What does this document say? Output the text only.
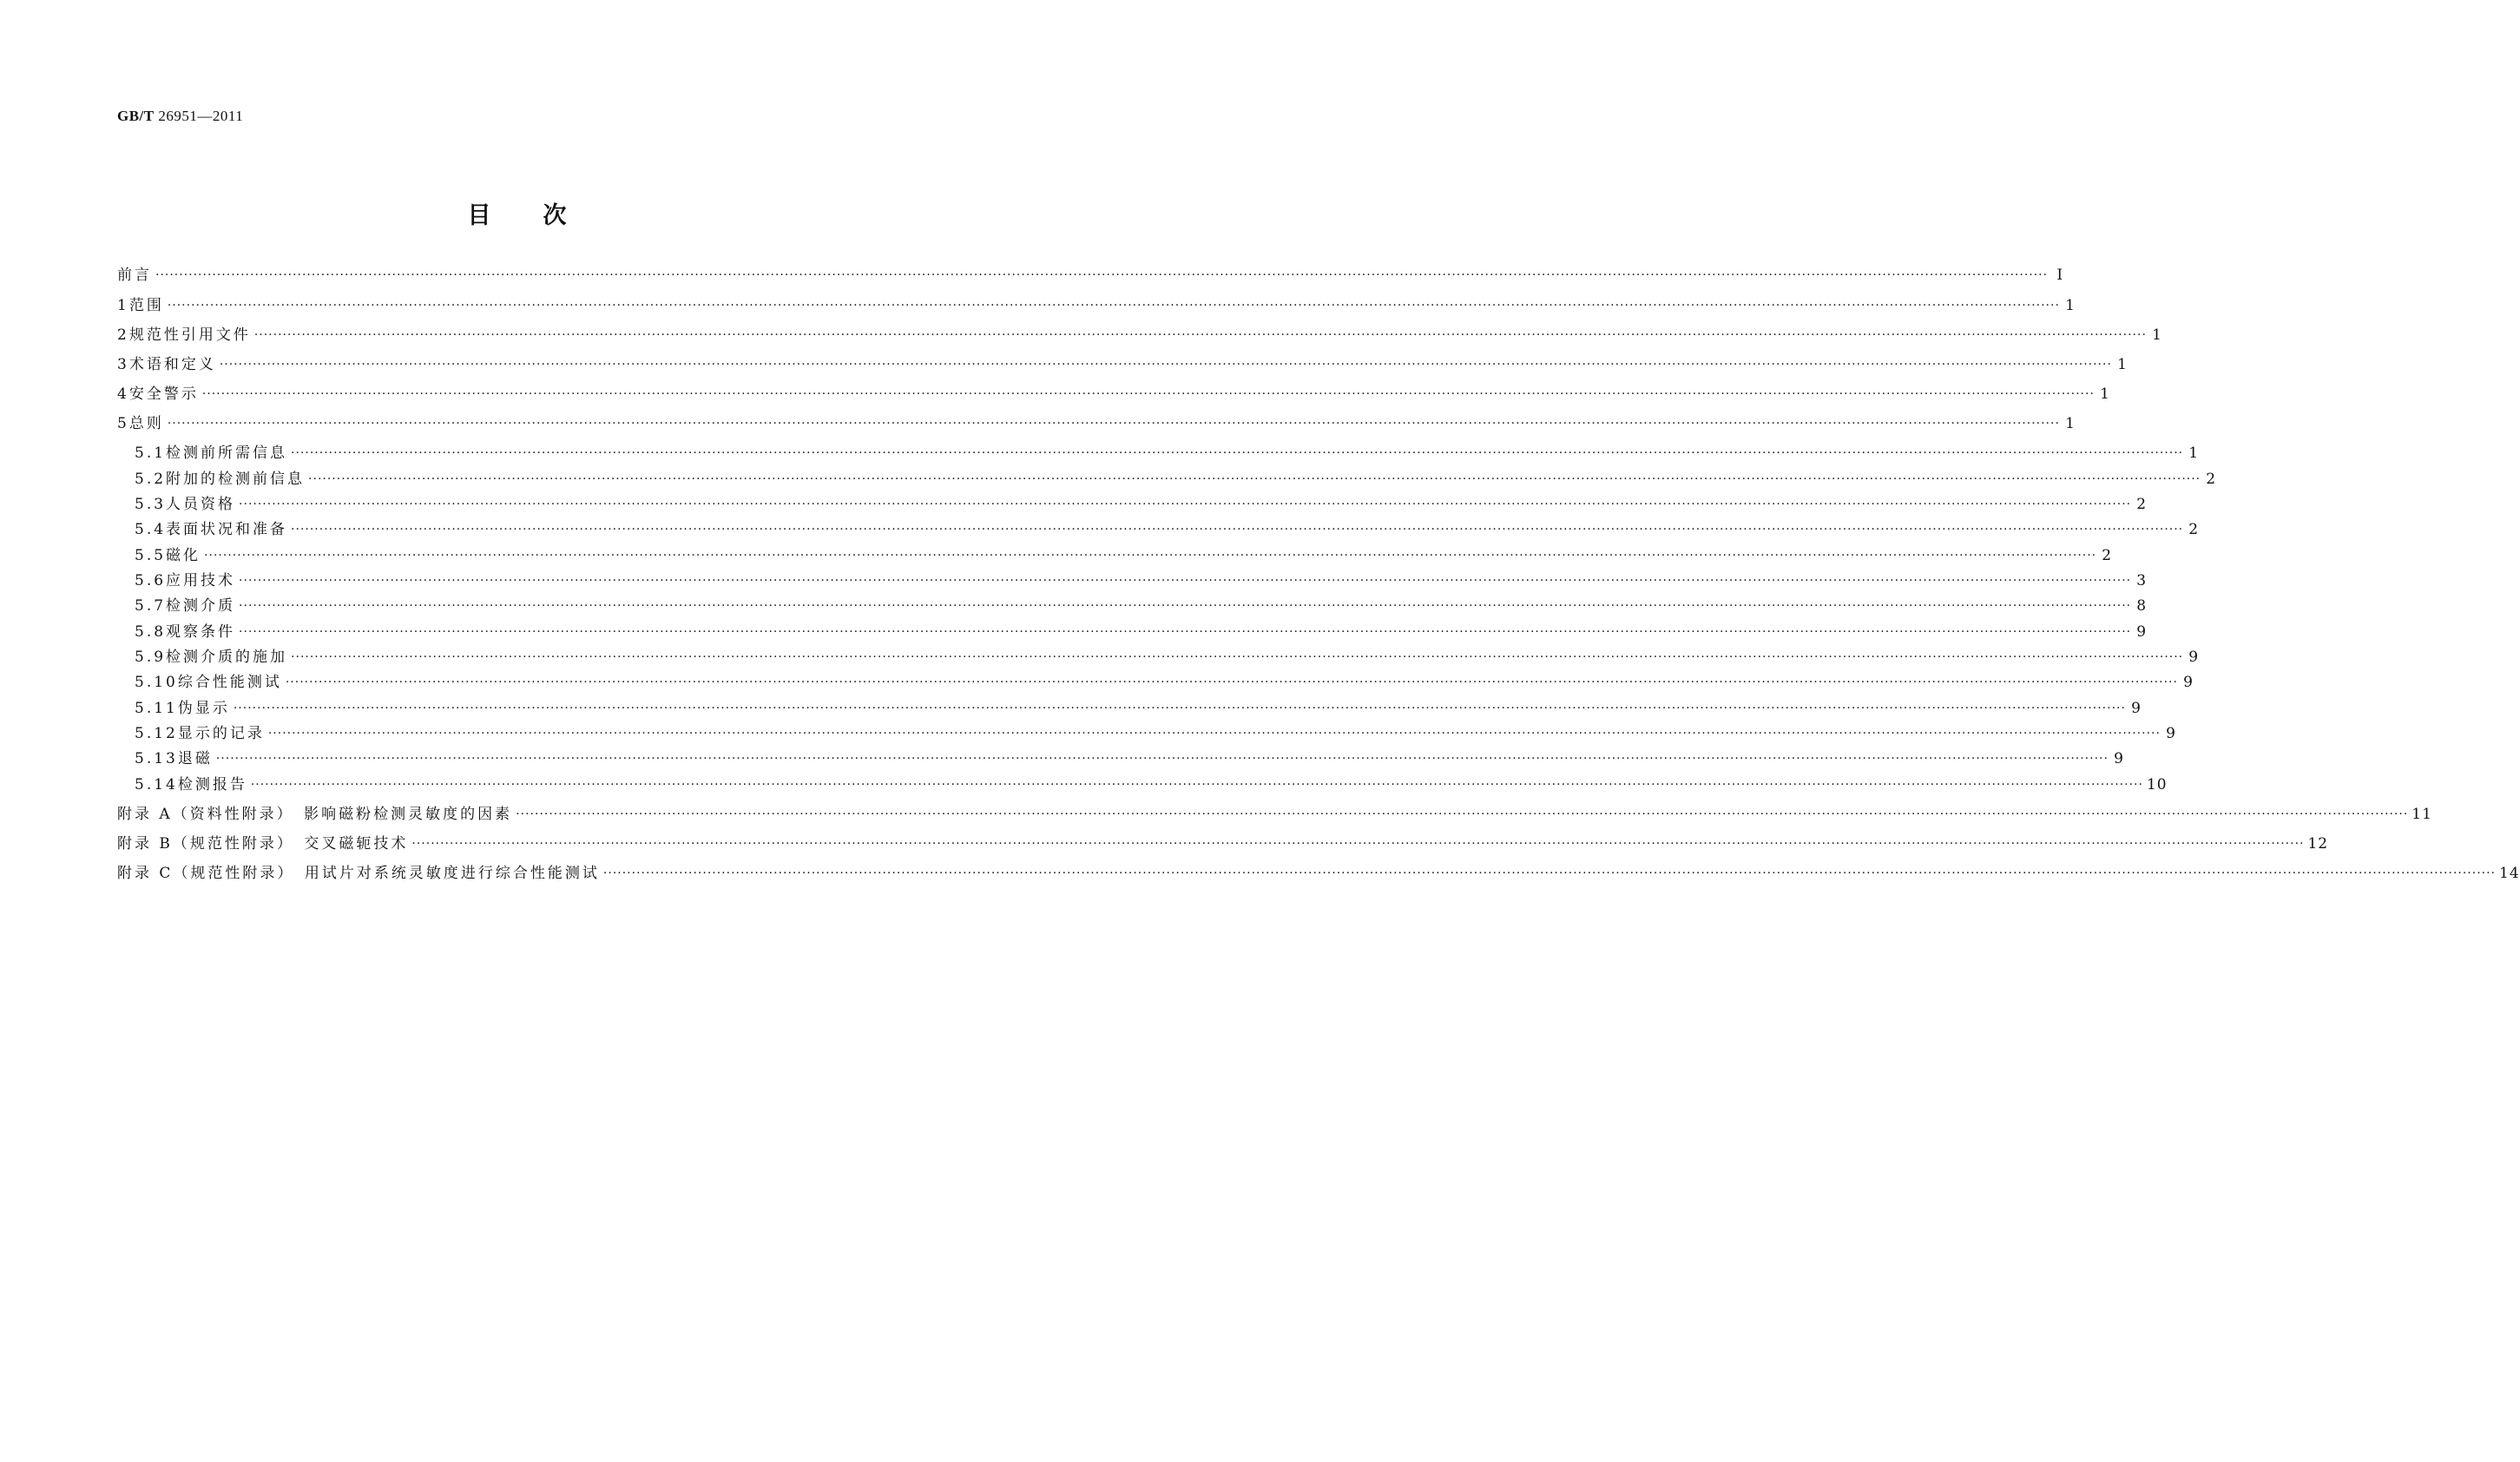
GB/T 26951—2011
目次
前言 ················································································································································································································································································································································································································ Ⅰ
1 范围 ················································································································································································································································································································································································································ 1
2 规范性引用文件 ················································································································································································································································································································································································································ 1
3 术语和定义 ················································································································································································································································································································································································································ 1
4 安全警示 ················································································································································································································································································································································································································ 1
5 总则 ················································································································································································································································································································································································································ 1
5.1 检测前所需信息 ················································································································································································································································································································································································································ 1
5.2 附加的检测前信息 ················································································································································································································································································································································································································ 2
5.3 人员资格 ················································································································································································································································································································································································································ 2
5.4 表面状况和准备 ················································································································································································································································································································································································································ 2
5.5 磁化 ················································································································································································································································································································································································································ 2
5.6 应用技术 ················································································································································································································································································································································································································ 3
5.7 检测介质 ················································································································································································································································································································································································································ 8
5.8 观察条件 ················································································································································································································································································································································································································ 9
5.9 检测介质的施加 ················································································································································································································································································································································································································ 9
5.10 综合性能测试 ················································································································································································································································································································································································································ 9
5.11 伪显示 ················································································································································································································································································································································································································ 9
5.12 显示的记录 ················································································································································································································································································································································································································ 9
5.13 退磁 ················································································································································································································································································································································································································ 9
5.14 检测报告 ················································································································································································································································································································································································································ 10
附录 A（资料性附录）　影响磁粉检测灵敏度的因素 ················································································································································································································································································································································································································ 11
附录 B（规范性附录）　交叉磁轭技术 ················································································································································································································································································································································································································ 12
附录 C（规范性附录）　用试片对系统灵敏度进行综合性能测试 ················································································································································································································································································································································································································ 14
